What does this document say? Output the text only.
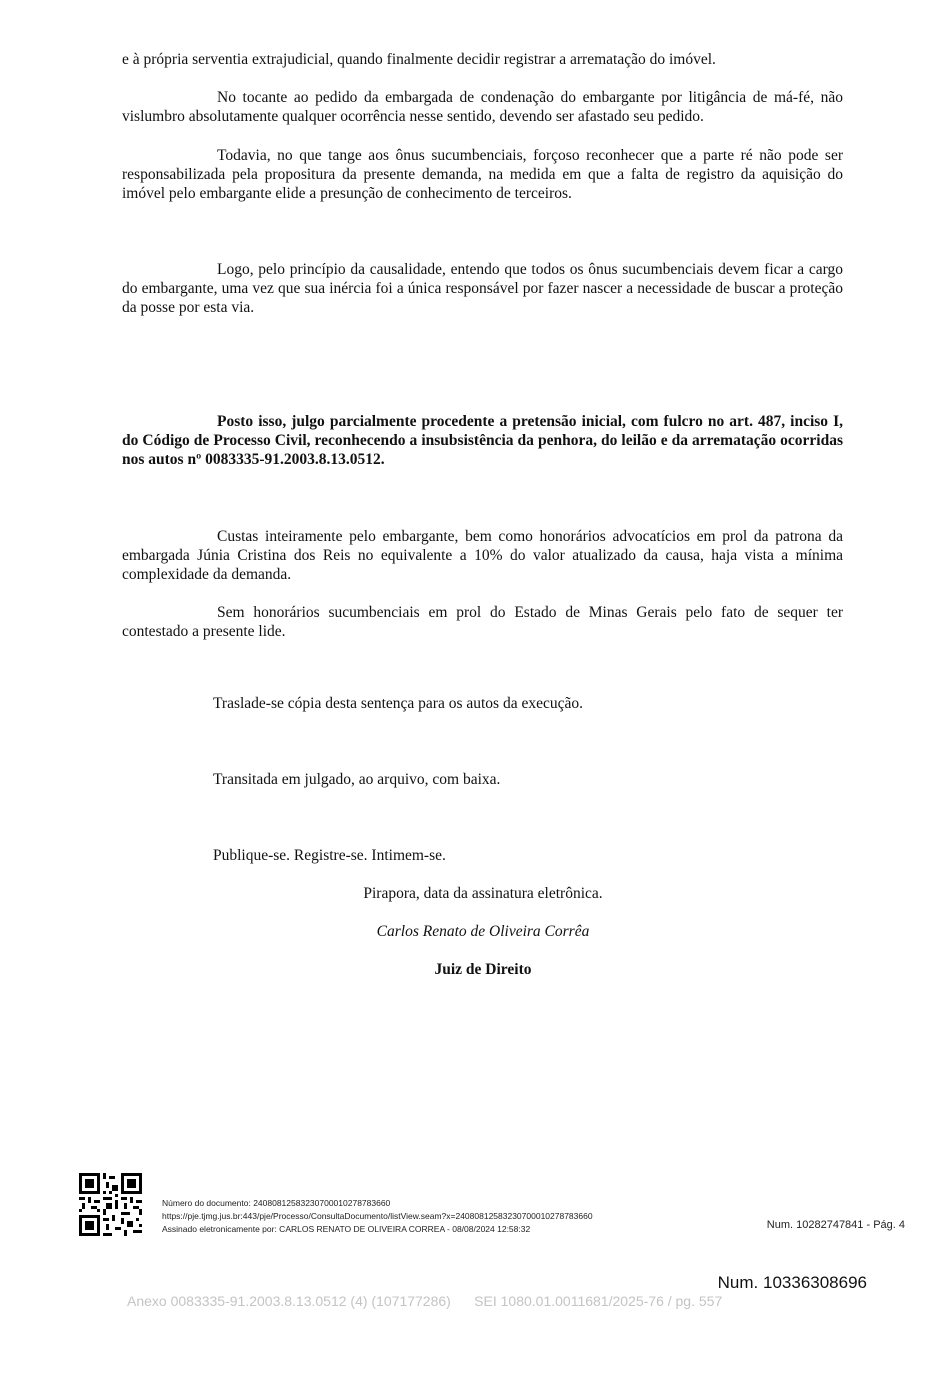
e à própria serventia extrajudicial, quando finalmente decidir registrar a arrematação do imóvel.

No tocante ao pedido da embargada de condenação do embargante por litigância de má-fé, não vislumbro absolutamente qualquer ocorrência nesse sentido, devendo ser afastado seu pedido.

Todavia, no que tange aos ônus sucumbenciais, forçoso reconhecer que a parte ré não pode ser responsabilizada pela propositura da presente demanda, na medida em que a falta de registro da aquisição do imóvel pelo embargante elide a presunção de conhecimento de terceiros.

Logo, pelo princípio da causalidade, entendo que todos os ônus sucumbenciais devem ficar a cargo do embargante, uma vez que sua inércia foi a única responsável por fazer nascer a necessidade de buscar a proteção da posse por esta via.

Posto isso, julgo parcialmente procedente a pretensão inicial, com fulcro no art. 487, inciso I, do Código de Processo Civil, reconhecendo a insubsistência da penhora, do leilão e da arrematação ocorridas nos autos nº 0083335-91.2003.8.13.0512.

Custas inteiramente pelo embargante, bem como honorários advocatícios em prol da patrona da embargada Júnia Cristina dos Reis no equivalente a 10% do valor atualizado da causa, haja vista a mínima complexidade da demanda.

Sem honorários sucumbenciais em prol do Estado de Minas Gerais pelo fato de sequer ter contestado a presente lide.

Traslade-se cópia desta sentença para os autos da execução.

Transitada em julgado, ao arquivo, com baixa.

Publique-se. Registre-se. Intimem-se.

Pirapora, data da assinatura eletrônica.

Carlos Renato de Oliveira Corrêa

Juiz de Direito

Número do documento: 24080812583230700010278783660
https://pje.tjmg.jus.br:443/pje/Processo/ConsultaDocumento/listView.seam?x=24080812583230700010278783660
Assinado eletronicamente por: CARLOS RENATO DE OLIVEIRA CORREA - 08/08/2024 12:58:32	Num. 10282747841 - Pág. 4
Num. 10336308696
Anexo 0083335-91.2003.8.13.0512 (4) (107177286) SEI 1080.01.0011681/2025-76 / pg. 557
